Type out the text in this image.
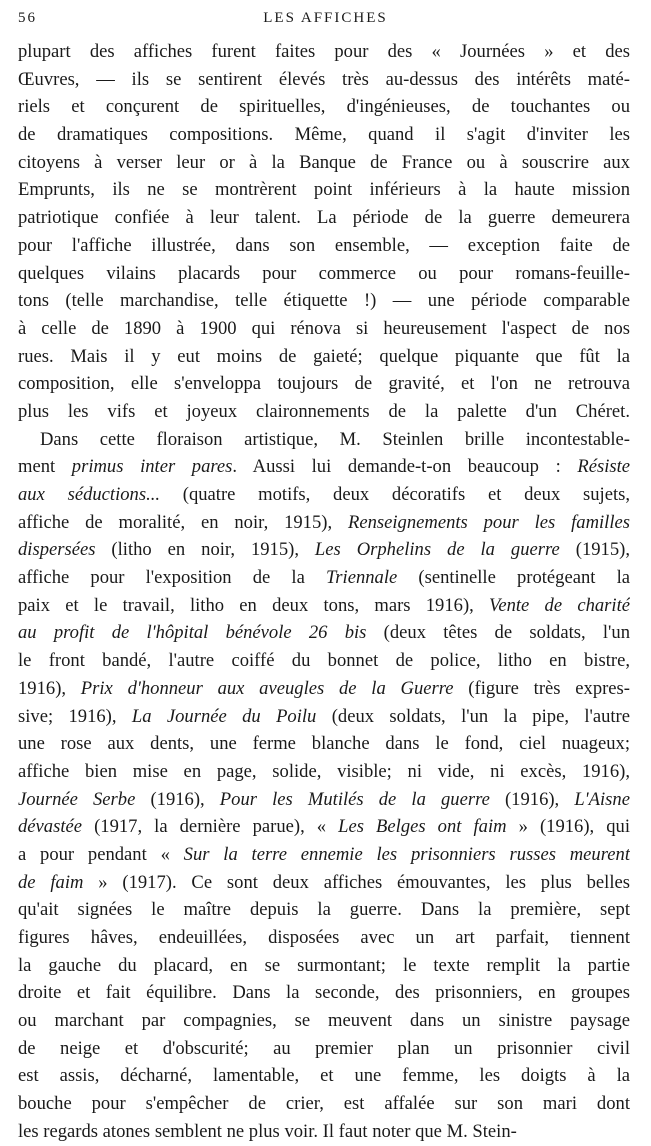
56	LES AFFICHES
plupart des affiches furent faites pour des « Journées » et des
Œuvres, — ils se sentirent élevés très au-dessus des intérêts maté-
riels et conçurent de spirituelles, d'ingénieuses, de touchantes ou
de dramatiques compositions. Même, quand il s'agit d'inviter les
citoyens à verser leur or à la Banque de France ou à souscrire aux
Emprunts, ils ne se montrèrent point inférieurs à la haute mission
patriotique confiée à leur talent. La période de la guerre demeurera
pour l'affiche illustrée, dans son ensemble, — exception faite de
quelques vilains placards pour commerce ou pour romans-feuille-
tons (telle marchandise, telle étiquette !) — une période comparable
à celle de 1890 à 1900 qui rénova si heureusement l'aspect de nos
rues. Mais il y eut moins de gaieté; quelque piquante que fût la
composition, elle s'enveloppa toujours de gravité, et l'on ne retrouva
plus les vifs et joyeux claironnements de la palette d'un Chéret.
Dans cette floraison artistique, M. Steinlen brille incontestable-
ment primus inter pares. Aussi lui demande-t-on beaucoup : Résiste
aux séductions... (quatre motifs, deux décoratifs et deux sujets,
affiche de moralité, en noir, 1915), Renseignements pour les familles
dispersées (litho en noir, 1915), Les Orphelins de la guerre (1915),
affiche pour l'exposition de la Triennale (sentinelle protégeant la
paix et le travail, litho en deux tons, mars 1916), Vente de charité
au profit de l'hôpital bénévole 26 bis (deux têtes de soldats, l'un
le front bandé, l'autre coiffé du bonnet de police, litho en bistre,
1916), Prix d'honneur aux aveugles de la Guerre (figure très expres-
sive; 1916), La Journée du Poilu (deux soldats, l'un la pipe, l'autre
une rose aux dents, une ferme blanche dans le fond, ciel nuageux;
affiche bien mise en page, solide, visible; ni vide, ni excès, 1916),
Journée Serbe (1916), Pour les Mutilés de la guerre (1916), L'Aisne
dévastée (1917, la dernière parue), « Les Belges ont faim » (1916), qui
a pour pendant « Sur la terre ennemie les prisonniers russes meurent
de faim » (1917). Ce sont deux affiches émouvantes, les plus belles
qu'ait signées le maître depuis la guerre. Dans la première, sept
figures hâves, endeuillées, disposées avec un art parfait, tiennent
la gauche du placard, en se surmontant; le texte remplit la partie
droite et fait équilibre. Dans la seconde, des prisonniers, en groupes
ou marchant par compagnies, se meuvent dans un sinistre paysage
de neige et d'obscurité; au premier plan un prisonnier civil
est assis, décharné, lamentable, et une femme, les doigts à la
bouche pour s'empêcher de crier, est affalée sur son mari dont
les regards atones semblent ne plus voir. Il faut noter que M. Stein-
